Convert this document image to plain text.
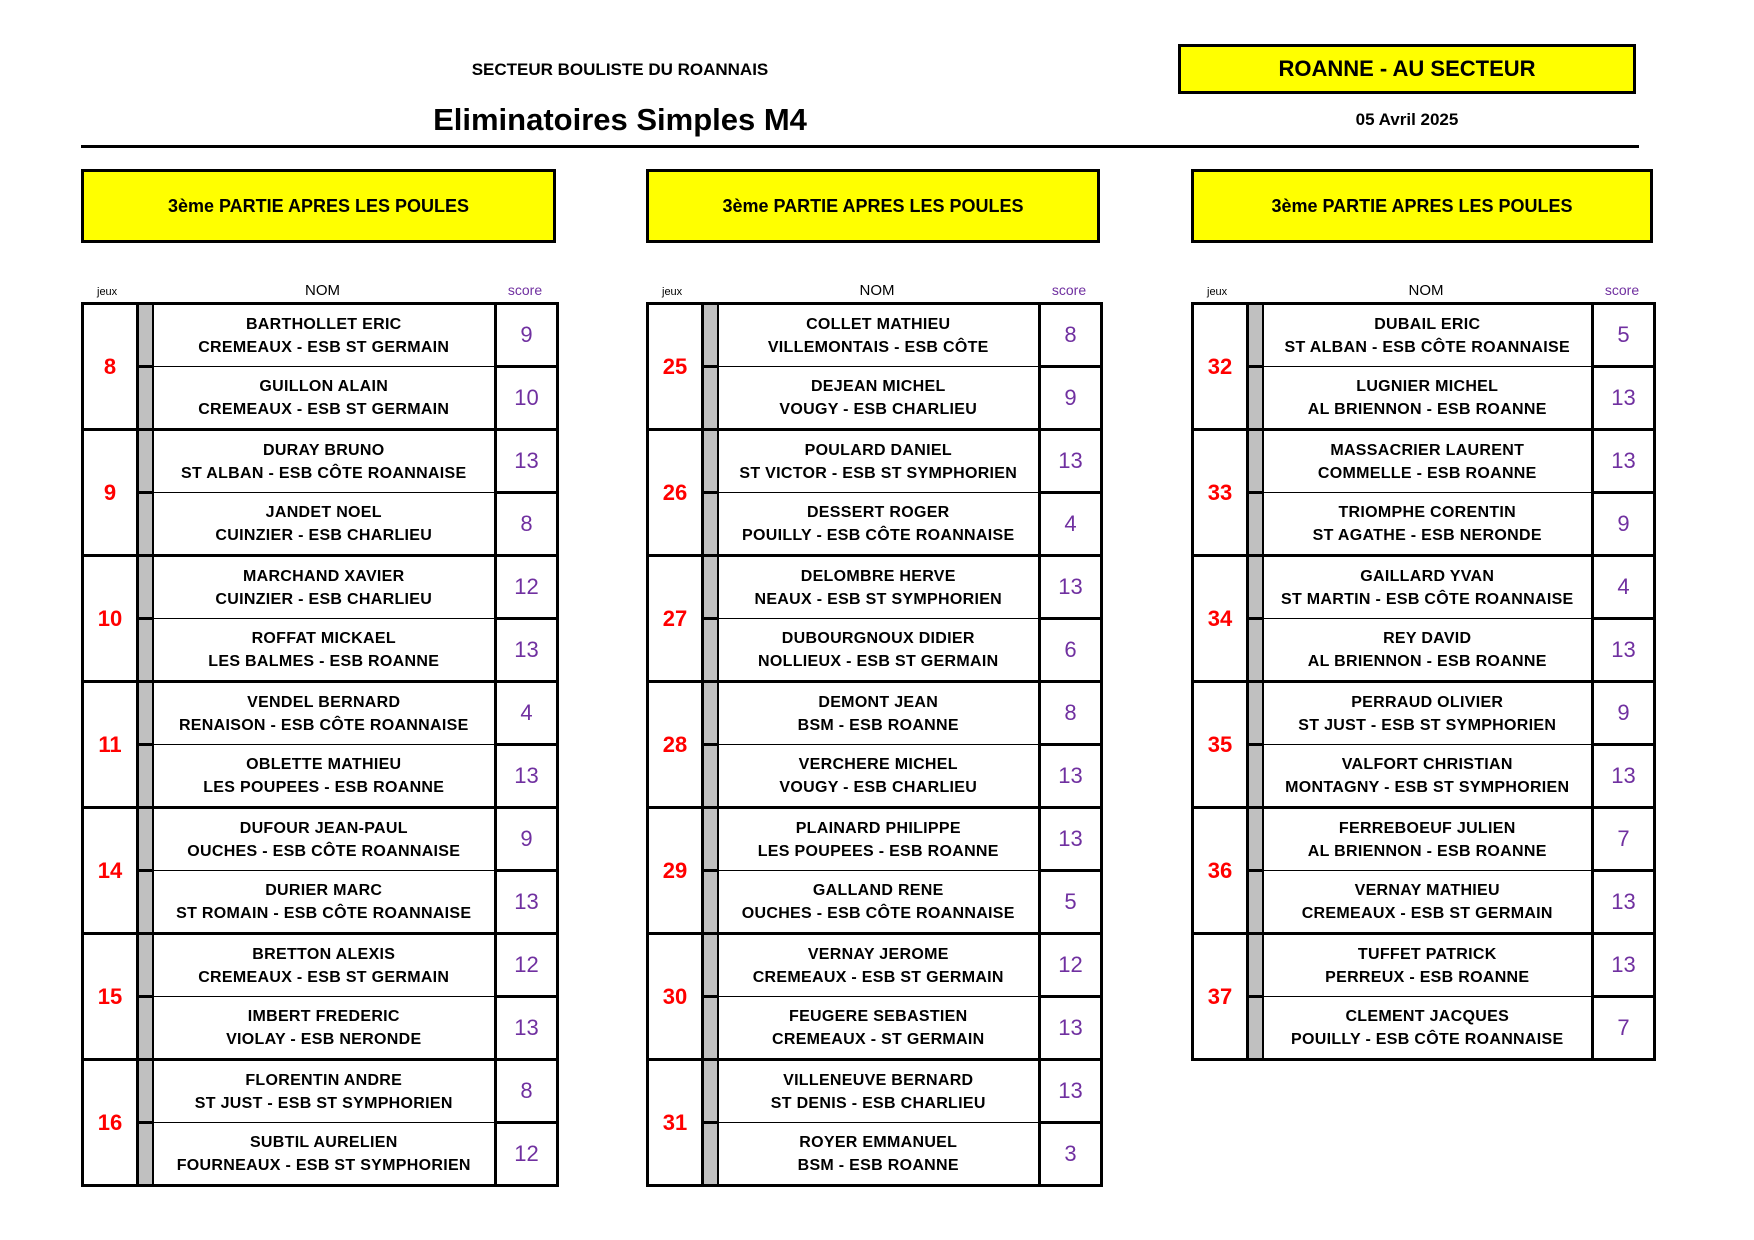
SECTEUR BOULISTE DU ROANNAIS
Eliminatoires Simples M4
ROANNE - AU SECTEUR
05 Avril 2025
3ème PARTIE APRES LES POULES
jeux	NOM	score
8		BARTHOLLET ERIC
CREMEAUX - ESB ST GERMAIN	9

		GUILLON ALAIN
CREMEAUX - ESB ST GERMAIN	10
9		DURAY BRUNO
ST ALBAN - ESB CÔTE ROANNAISE	13

		JANDET NOEL
CUINZIER - ESB CHARLIEU	8
10		MARCHAND XAVIER
CUINZIER - ESB CHARLIEU	12

		ROFFAT MICKAEL
LES BALMES - ESB ROANNE	13
11		VENDEL BERNARD
RENAISON - ESB CÔTE ROANNAISE	4

		OBLETTE MATHIEU
LES POUPEES - ESB ROANNE	13
14		DUFOUR JEAN-PAUL
OUCHES - ESB CÔTE ROANNAISE	9

		DURIER MARC
ST ROMAIN - ESB CÔTE ROANNAISE	13
15		BRETTON ALEXIS
CREMEAUX - ESB ST GERMAIN	12

		IMBERT FREDERIC
VIOLAY - ESB NERONDE	13
16		FLORENTIN ANDRE
ST JUST - ESB ST SYMPHORIEN	8

		SUBTIL AURELIEN
FOURNEAUX - ESB ST SYMPHORIEN	12
3ème PARTIE APRES LES POULES
jeux	NOM	score
25		COLLET MATHIEU
VILLEMONTAIS - ESB CÔTE	8

		DEJEAN MICHEL
VOUGY - ESB CHARLIEU	9
26		POULARD DANIEL
ST VICTOR - ESB ST SYMPHORIEN	13

		DESSERT ROGER
POUILLY - ESB CÔTE ROANNAISE	4
27		DELOMBRE HERVE
NEAUX - ESB ST SYMPHORIEN	13

		DUBOURGNOUX DIDIER
NOLLIEUX - ESB ST GERMAIN	6
28		DEMONT JEAN
BSM - ESB ROANNE	8

		VERCHERE MICHEL
VOUGY - ESB CHARLIEU	13
29		PLAINARD PHILIPPE
LES POUPEES - ESB ROANNE	13

		GALLAND RENE
OUCHES - ESB CÔTE ROANNAISE	5
30		VERNAY JEROME
CREMEAUX - ESB ST GERMAIN	12

		FEUGERE SEBASTIEN
CREMEAUX - ST GERMAIN	13
31		VILLENEUVE BERNARD
ST DENIS - ESB CHARLIEU	13

		ROYER EMMANUEL
BSM - ESB ROANNE	3
3ème PARTIE APRES LES POULES
jeux	NOM	score
32		DUBAIL ERIC
ST ALBAN - ESB CÔTE ROANNAISE	5

		LUGNIER MICHEL
AL BRIENNON - ESB ROANNE	13
33		MASSACRIER LAURENT
COMMELLE - ESB ROANNE	13

		TRIOMPHE CORENTIN
ST AGATHE - ESB NERONDE	9
34		GAILLARD YVAN
ST MARTIN - ESB CÔTE ROANNAISE	4

		REY DAVID
AL BRIENNON - ESB ROANNE	13
35		PERRAUD OLIVIER
ST JUST - ESB ST SYMPHORIEN	9

		VALFORT CHRISTIAN
MONTAGNY - ESB ST SYMPHORIEN	13
36		FERREBOEUF JULIEN
AL BRIENNON - ESB ROANNE	7

		VERNAY MATHIEU
CREMEAUX - ESB ST GERMAIN	13
37		TUFFET PATRICK
PERREUX - ESB ROANNE	13

		CLEMENT JACQUES
POUILLY - ESB CÔTE ROANNAISE	7
